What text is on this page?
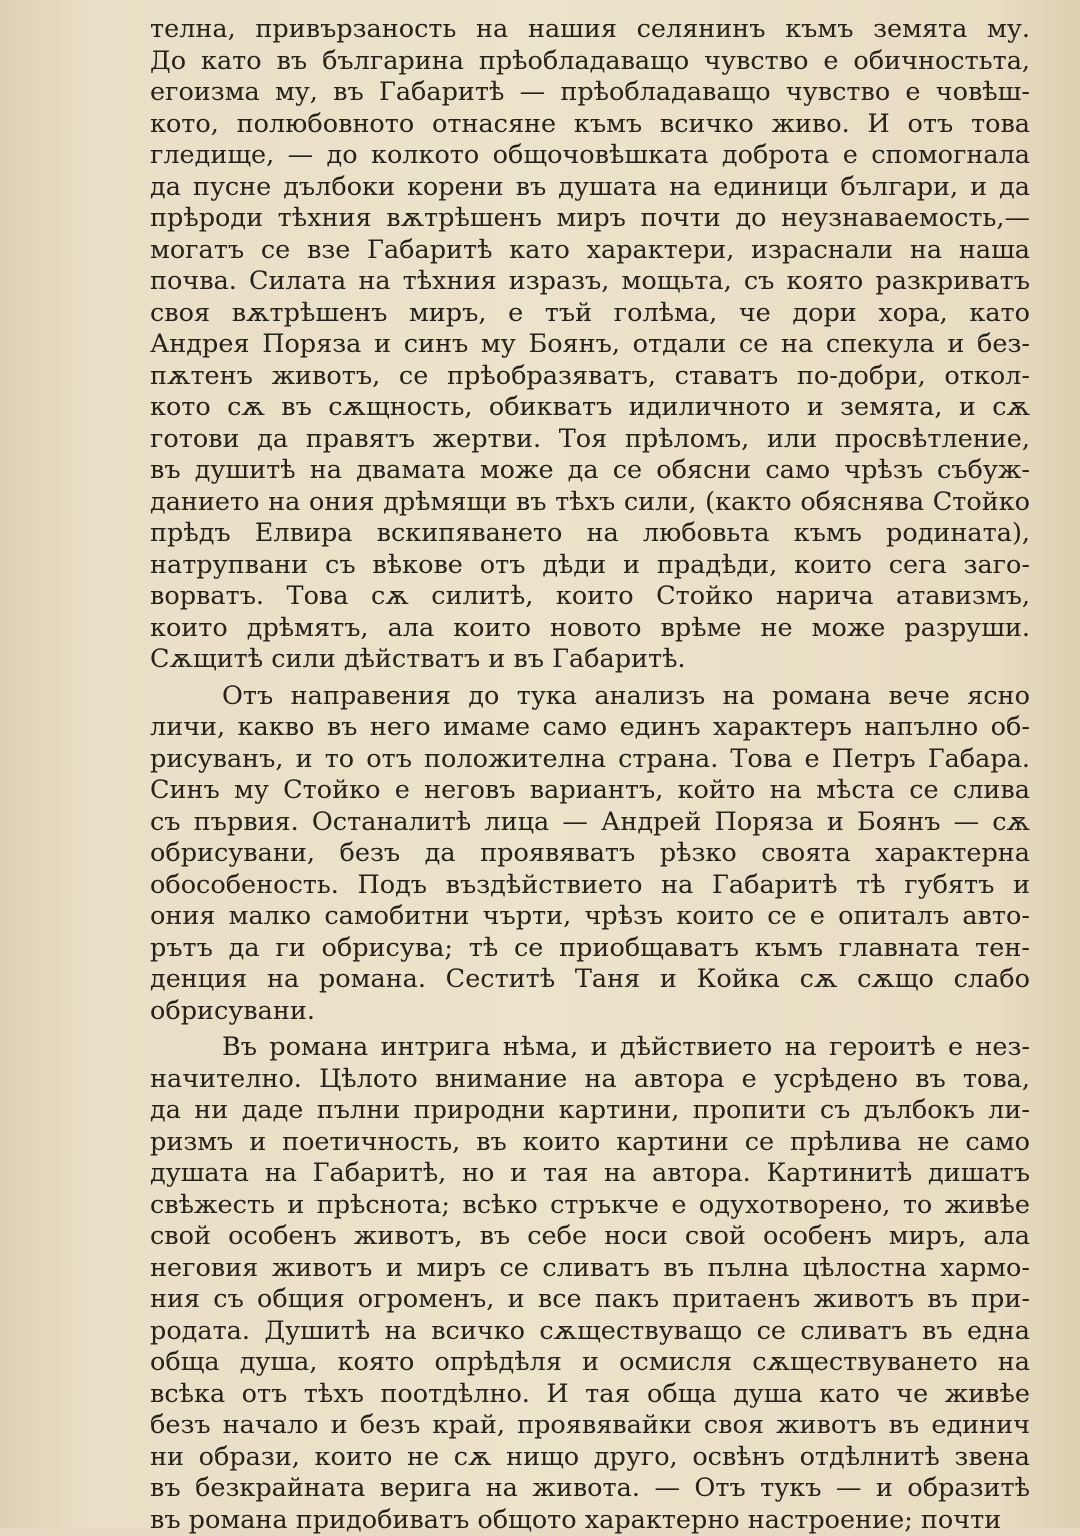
телна, привързаность на нашия селянинъ къмъ земята му.
До като въ българина прѣобладаващо чувство е обичностьта,
егоизма му, въ Габаритѣ — прѣобладаващо чувство е човѣш-
кото, полюбовното отнасяне къмъ всичко живо. И отъ това
гледище, — до колкото общочовѣшката доброта е спомогнала
да пусне дълбоки корени въ душата на единици българи, и да
прѣроди тѣхния вѫтрѣшенъ миръ почти до неузнаваемость,—
могатъ се взе Габаритѣ като характери, израснали на наша
почва. Силата на тѣхния изразъ, мощьта, съ която разкриватъ
своя вѫтрѣшенъ миръ, е тъй голѣма, че дори хора, като
Андрея Поряза и синъ му Боянъ, отдали се на спекула и без-
пѫтенъ животъ, се прѣобразяватъ, ставатъ по-добри, откол-
кото сѫ въ сѫщность, обикватъ идиличното и земята, и сѫ
готови да правятъ жертви. Тоя прѣломъ, или просвѣтление,
въ душитѣ на двамата може да се обясни само чрѣзъ събуж-
данието на ония дрѣмящи въ тѣхъ сили, (както обяснява Стойко
прѣдъ Елвира вскипяването на любовьта къмъ родината),
натрупвани съ вѣкове отъ дѣди и прадѣди, които сега заго-
ворватъ. Това сѫ силитѣ, които Стойко нарича атавизмъ,
които дрѣмятъ, ала които новото врѣме не може разруши.
Сѫщитѣ сили дѣйстватъ и въ Габаритѣ.
Отъ направения до тука анализъ на романа вече ясно
личи, какво въ него имаме само единъ характеръ напълно об-
рисуванъ, и то отъ положителна страна. Това е Петръ Габара.
Синъ му Стойко е неговъ вариантъ, който на мѣста се слива
съ първия. Останалитѣ лица — Андрей Поряза и Боянъ — сѫ
обрисувани, безъ да проявяватъ рѣзко своята характерна
обособеность. Подъ въздѣйствието на Габаритѣ тѣ губятъ и
ония малко самобитни чърти, чрѣзъ които се е опиталъ авто-
рътъ да ги обрисува; тѣ се приобщаватъ къмъ главната тен-
денция на романа. Сеститѣ Таня и Койка сѫ сѫщо слабо
обрисувани.
Въ романа интрига нѣма, и дѣйствието на героитѣ е нез-
начително. Цѣлото внимание на автора е усрѣдено въ това,
да ни даде пълни природни картини, пропити съ дълбокъ ли-
ризмъ и поетичность, въ които картини се прѣлива не само
душата на Габаритѣ, но и тая на автора. Картинитѣ дишатъ
свѣжесть и прѣснота; всѣко стръкче е одухотворено, то живѣе
свой особенъ животъ, въ себе носи свой особенъ миръ, ала
неговия животъ и миръ се сливатъ въ пълна цѣлостна хармо-
ния съ общия огроменъ, и все пакъ притаенъ животъ въ при-
родата. Душитѣ на всичко сѫществуващо се сливатъ въ една
обща душа, която опрѣдѣля и осмисля сѫществуването на
всѣка отъ тѣхъ поотдѣлно. И тая обща душа като че живѣе
безъ начало и безъ край, проявявайки своя животъ въ единич
ни образи, които не сѫ нищо друго, освѣнъ отдѣлнитѣ звена
въ безкрайната верига на живота. — Отъ тукъ — и образитѣ
въ романа придобиватъ общото характерно настроение; почти
